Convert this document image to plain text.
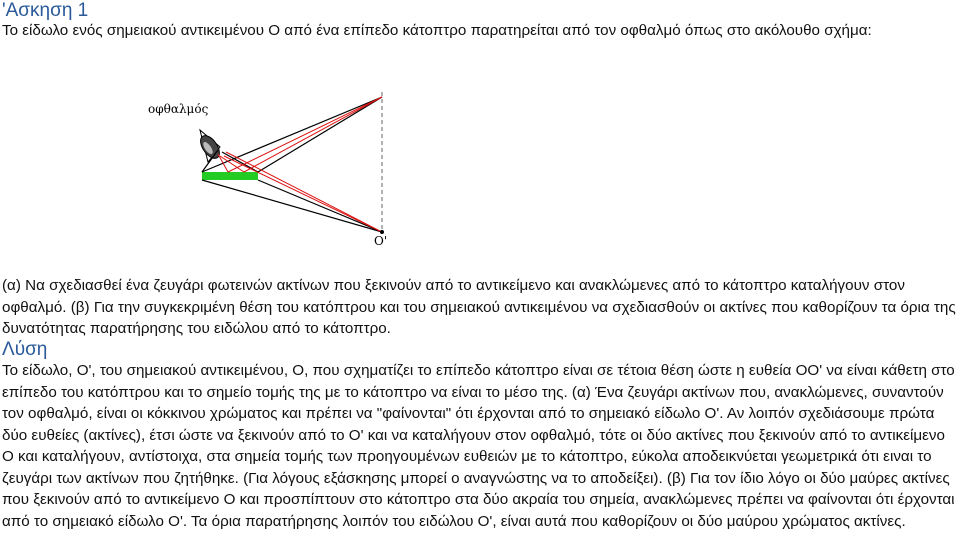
'Ασκηση 1

Το είδωλο ενός σημειακού αντικειμένου Ο από ένα επίπεδο κάτοπτρο παρατηρείται από τον οφθαλμό όπως στο ακόλουθο σχήμα:

οφθαλμός
O'

(α) Να σχεδιασθεί ένα ζευγάρι φωτεινών ακτίνων που ξεκινούν από το αντικείμενο και ανακλώμενες από το κάτοπτρο καταλήγουν στον οφθαλμό. (β) Για την συγκεκριμένη θέση του κατόπτρου και του σημειακού αντικειμένου να σχεδιασθούν οι ακτίνες που καθορίζουν τα όρια της δυνατότητας παρατήρησης του ειδώλου από το κάτοπτρο.

Λύση

Το είδωλο, Ο', του σημειακού αντικειμένου, Ο, που σχηματίζει το επίπεδο κάτοπτρο είναι σε τέτοια θέση ώστε η ευθεία ΟΟ' να είναι κάθετη στο επίπεδο του κατόπτρου και το σημείο τομής της με το κάτοπτρο να είναι το μέσο της. (α) Ένα ζευγάρι ακτίνων που, ανακλώμενες, συναντούν τον οφθαλμό, είναι οι κόκκινου χρώματος και πρέπει να "φαίνονται" ότι έρχονται από το σημειακό είδωλο Ο'. Αν λοιπόν σχεδιάσουμε πρώτα δύο ευθείες (ακτίνες), έτσι ώστε να ξεκινούν από το Ο' και να καταλήγουν στον οφθαλμό, τότε οι δύο ακτίνες που ξεκινούν από το αντικείμενο Ο και καταλήγουν, αντίστοιχα, στα σημεία τομής των προηγουμένων ευθειών με το κάτοπτρο, εύκολα αποδεικνύεται γεωμετρικά ότι ειναι το ζευγάρι των ακτίνων που ζητήθηκε. (Για λόγους εξάσκησης μπορεί ο αναγνώστης να το αποδείξει). (β) Για τον ίδιο λόγο οι δύο μαύρες ακτίνες που ξεκινούν από το αντικείμενο Ο και προσπίπτουν στο κάτοπτρο στα δύο ακραία του σημεία, ανακλώμενες πρέπει να φαίνονται ότι έρχονται από το σημειακό είδωλο Ο'. Τα όρια παρατήρησης λοιπόν του ειδώλου Ο', είναι αυτά που καθορίζουν οι δύο μαύρου χρώματος ακτίνες.
